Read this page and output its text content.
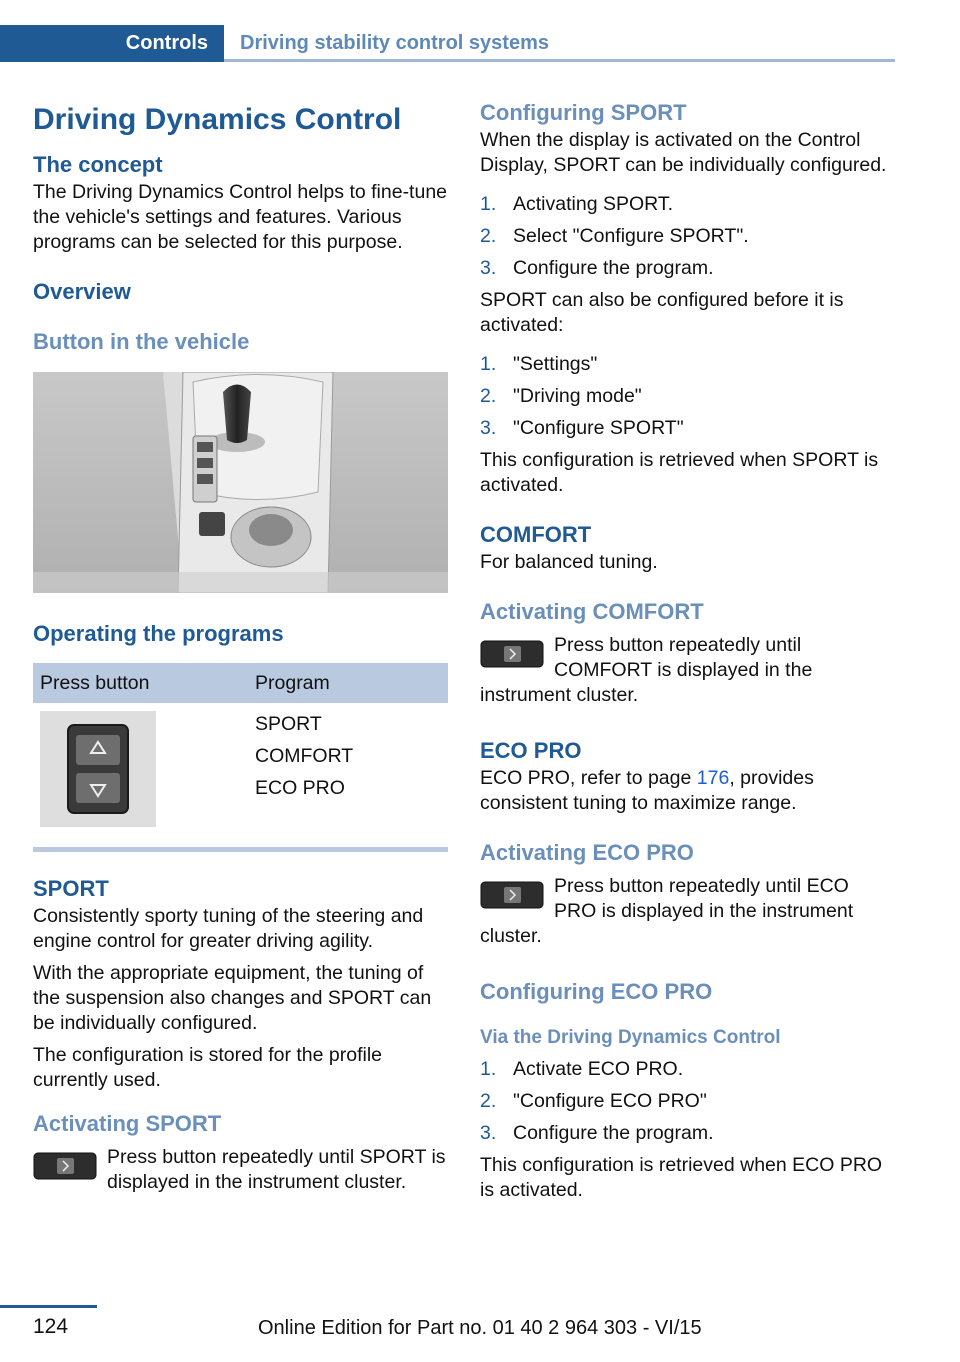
Controls	Driving stability control systems
Driving Dynamics Control
The concept
The Driving Dynamics Control helps to fine-tune the vehicle's settings and features. Various programs can be selected for this purpose.
Overview
Button in the vehicle
Operating the programs
Press button	Program

SPORT
COMFORT
ECO PRO
SPORT
Consistently sporty tuning of the steering and engine control for greater driving agility.
With the appropriate equipment, the tuning of the suspension also changes and SPORT can be individually configured.
The configuration is stored for the profile currently used.
Activating SPORT
Press button repeatedly until SPORT is displayed in the instrument cluster.
Configuring SPORT
When the display is activated on the Control Display, SPORT can be individually configured.
1. Activating SPORT.
2. Select "Configure SPORT".
3. Configure the program.
SPORT can also be configured before it is activated:
1. "Settings"
2. "Driving mode"
3. "Configure SPORT"
This configuration is retrieved when SPORT is activated.
COMFORT
For balanced tuning.
Activating COMFORT
Press button repeatedly until COMFORT is displayed in the instrument cluster.
ECO PRO
ECO PRO, refer to page 176, provides consistent tuning to maximize range.
Activating ECO PRO
Press button repeatedly until ECO PRO is displayed in the instrument cluster.
Configuring ECO PRO
Via the Driving Dynamics Control
1. Activate ECO PRO.
2. "Configure ECO PRO"
3. Configure the program.
This configuration is retrieved when ECO PRO is activated.
124	Online Edition for Part no. 01 40 2 964 303 - VI/15
